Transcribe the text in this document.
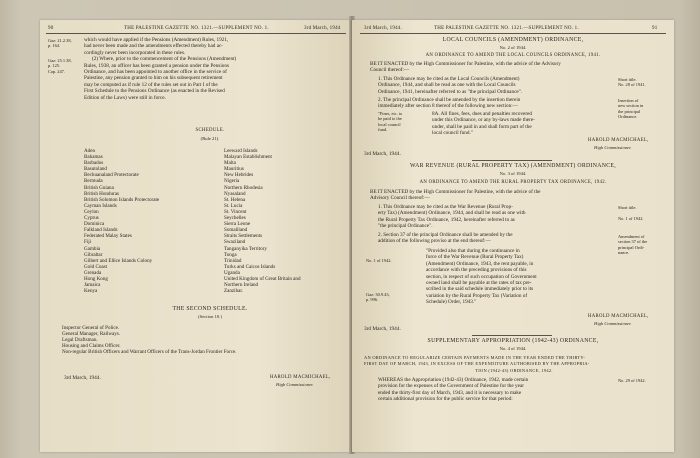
90	THE PALESTINE GAZETTE NO. 1321.—SUPPLEMENT NO. 1.	3rd March, 1944
Gaz: 21.2.38,
p. 164.
Gaz: 25.1.38,
p. 125.
Cap. 247.
which would have applied if the Pensions (Amendment) Rules, 1921,
had never been made and the amendments effected thereby had ac-
cordingly never been incorporated in these rules.
(2) Where, prior to the commencement of the Pensions (Amendment)
Rules, 1938, an officer has been granted a pension under the Pensions
Ordinance, and has been appointed to another office in the service of
Palestine, any pension granted to him on his subsequent retirement
may be computed as if rule 12 of the rules set out in Part I of the
First Schedule to the Pensions Ordinance (as enacted in the Revised
Edition of the Laws) were still in force.
SCHEDULE.
(Rule 21).
Aden
Bahamas
Barbados
Basutoland
Bechuanaland Protectorate
Bermuda
British Guiana
British Honduras
British Solomon Islands Protectorate
Cayman Islands
Ceylon
Cyprus
Dominica
Falkland Islands
Federated Malay States
Fiji
Gambia
Gibraltar
Gilbert and Ellice Islands Colony
Gold Coast
Grenada
Hong Kong
Jamaica
Kenya
Leeward Islands
Malayan Establishment
Malta
Mauritius
New Hebrides
Nigeria
Northern Rhodesia
Nyasaland
St. Helena
St. Lucia
St. Vincent
Seychelles
Sierra Leone
Somaliland
Straits Settlements
Swaziland
Tanganyika Territory
Tonga
Trinidad
Turks and Caicos Islands
Uganda
United Kingdom of Great Britain and
Northern Ireland
Zanzibar.
THE SECOND SCHEDULE.
(Section 10.)
Inspector General of Police.
General Manager, Railways.
Legal Draftsman.
Housing and Claims Officer.
Non-regular British Officers and Warrant Officers of the Trans-Jordan Frontier Force.
3rd March, 1944.	HAROLD MACMICHAEL,
High Commissioner.
3rd March, 1944.	THE PALESTINE GAZETTE NO. 1321.—SUPPLEMENT NO. 1.	91
LOCAL COUNCILS (AMENDMENT) ORDINANCE,
No. 2 of 1944.
AN ORDINANCE TO AMEND THE LOCAL COUNCILS ORDINANCE, 1941.
BE IT ENACTED by the High Commissioner for Palestine, with the advice of the Advisory
Council thereof:—
1. This Ordinance may be cited as the Local Councils (Amendment)
Ordinance, 1944, and shall be read as one with the Local Councils
Ordinance, 1941, hereinafter referred to as "the principal Ordinance".
2. The principal Ordinance shall be amended by the insertion therein
immediately after section 8 thereof of the following new section:—
"Fines, etc. to
be paid to the
local council
fund.
8A. All fines, fees, dues and penalties recovered
under this Ordinance, or any by-laws made there-
under, shall be paid in and shall form part of the
local council fund."
Short title.
No. 28 of 1941.
Insertion of
new section in
the principal
Ordinance.
HAROLD MACMICHAEL,
High Commissioner.
3rd March, 1944.
WAR REVENUE (RURAL PROPERTY TAX) (AMENDMENT) ORDINANCE,
No. 3 of 1944.
AN ORDINANCE TO AMEND THE RURAL PROPERTY TAX ORDINANCE, 1942.
BE IT ENACTED by the High Commissioner for Palestine, with the advice of the
Advisory Council thereof:—
1. This Ordinance may be cited as the War Revenue (Rural Prop-
erty Tax) (Amendment) Ordinance, 1944, and shall be read as one with
the Rural Property Tax Ordinance, 1942, hereinafter referred to as
"the principal Ordinance".
2. Section 37 of the principal Ordinance shall be amended by the
addition of the following proviso at the end thereof:—
No. 1 of 1942.
Gaz: 30.9.43,
p. 996.
"Provided also that during the continuance in
force of the War Revenue (Rural Property Tax)
(Amendment) Ordinance, 1943, the rent payable, in
accordance with the preceding provisions of this
section, in respect of such occupation of Government
owned land shall be payable at the rates of tax pre-
scribed in the said schedule immediately prior to its
variation by the Rural Property Tax (Variation of
Schedule) Order, 1943."
Short title.
No. 1 of 1942.
Amendment of
section 37 of the
principal Ordi-
nance.
HAROLD MACMICHAEL,
High Commissioner.
3rd March, 1944.
SUPPLEMENTARY APPROPRIATION (1942-43) ORDINANCE,
No. 4 of 1944.
AN ORDINANCE TO REGULARIZE CERTAIN PAYMENTS MADE IN THE YEAR ENDED THE THIRTY-
FIRST DAY OF MARCH, 1943, IN EXCESS OF THE EXPENDITURE AUTHORISED BY THE APPROPRIA-
TION (1942-43) ORDINANCE, 1942.
WHEREAS the Appropriation (1942-43) Ordinance, 1942, made certain
provision for the expenses of the Government of Palestine for the year
ended the thirty-first day of March, 1943, and it is necessary to make
certain additional provision for the public service for that period:
No. 29 of 1942.
